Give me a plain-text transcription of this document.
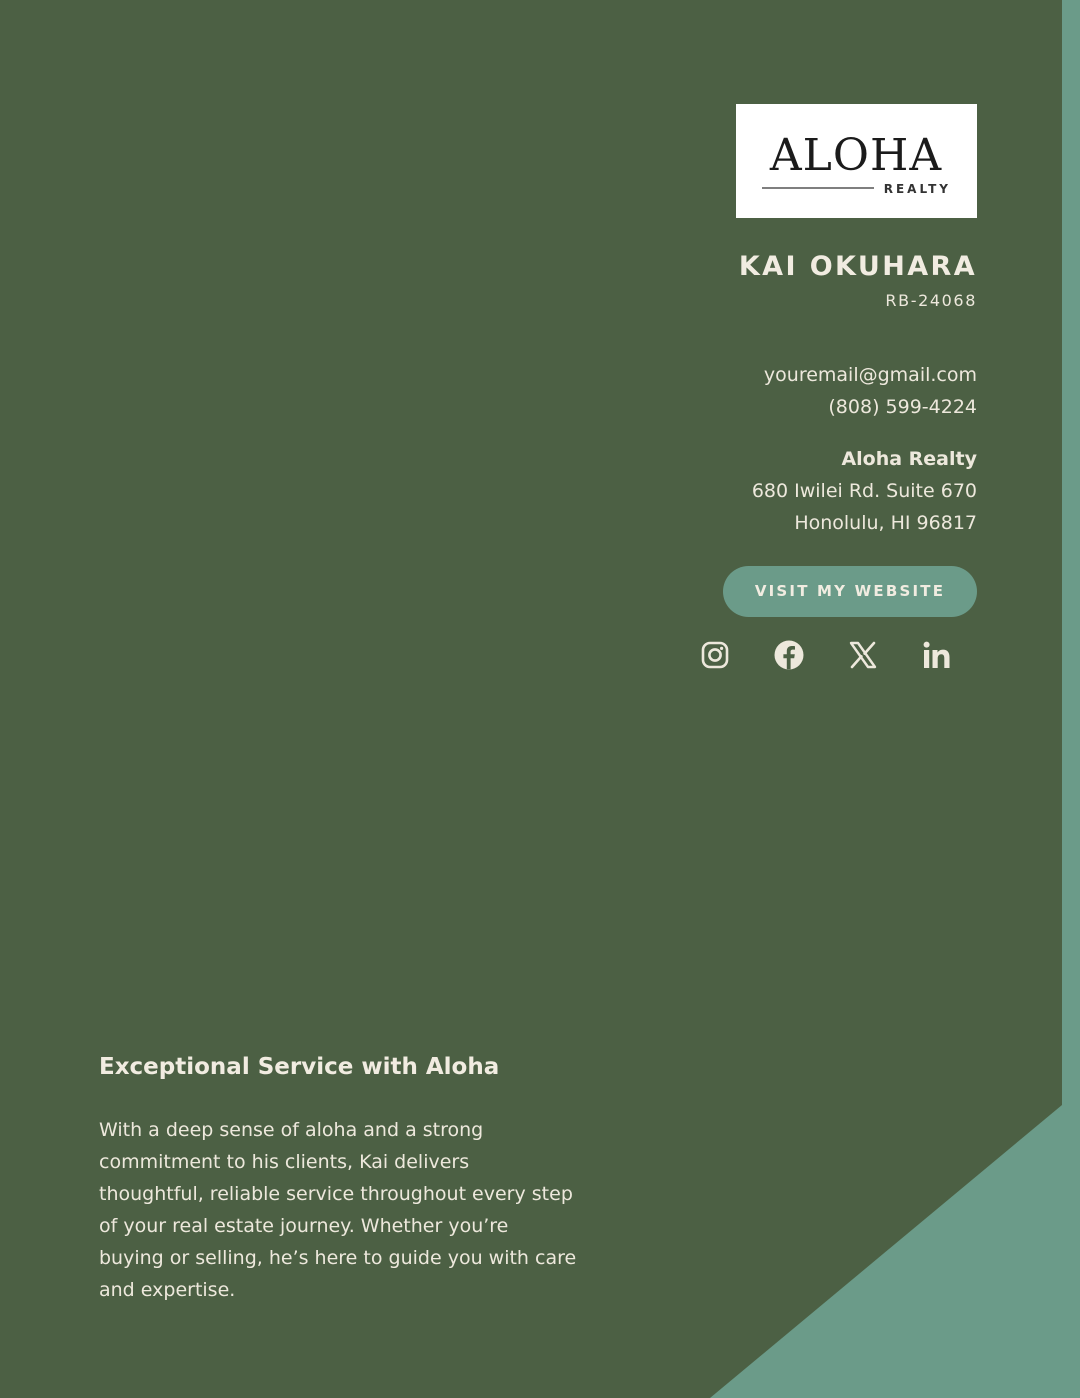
ALOHA
REALTY
KAI OKUHARA
RB-24068
youremail@gmail.com
(808) 599-4224
Aloha Realty
680 Iwilei Rd. Suite 670
Honolulu, HI 96817
VISIT MY WEBSITE
Exceptional Service with Aloha
With a deep sense of aloha and a strong commitment to his clients, Kai delivers thoughtful, reliable service throughout every step of your real estate journey. Whether you’re buying or selling, he’s here to guide you with care and expertise.
